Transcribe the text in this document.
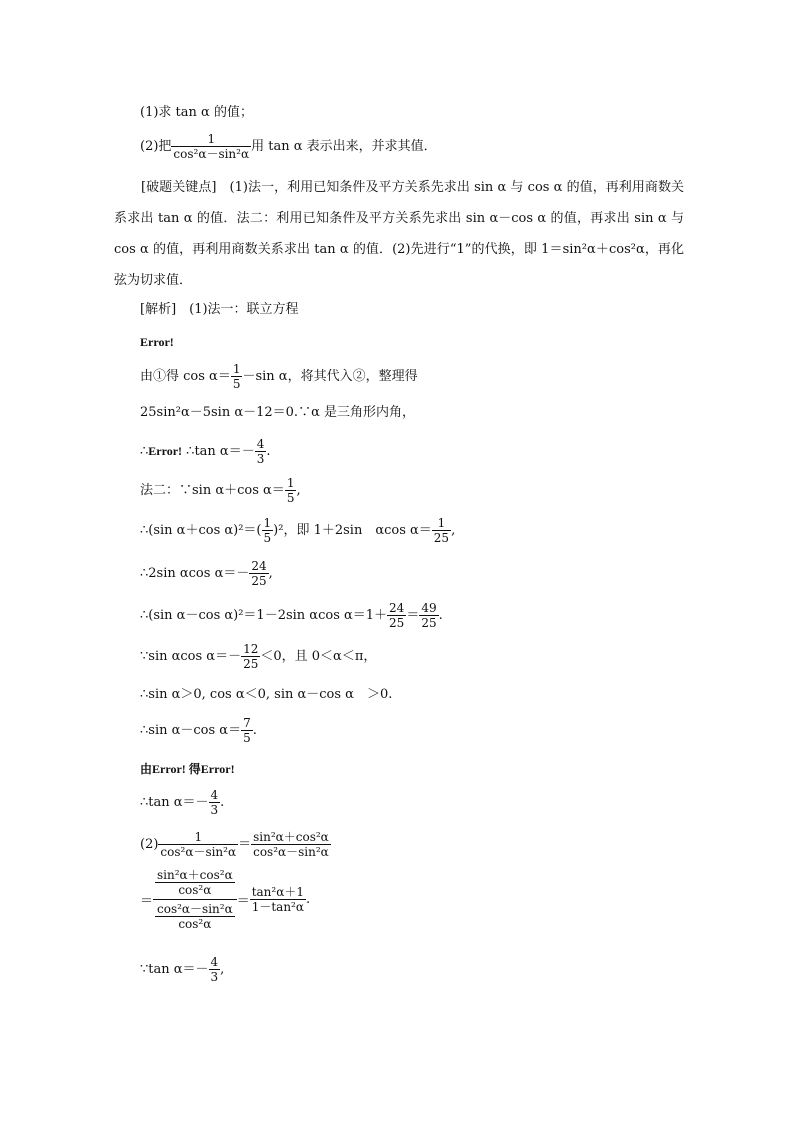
(1)求 tan α 的值；
(2)把 $\frac{1}{\text{cos²α－sin²α}}$ 用 tan α 表示出来，并求其值．
[破题关键点]　(1)法一，利用已知条件及平方关系先求出 sin α 与 cos α 的值，再利用商数关系求出 tan α 的值．法二：利用已知条件及平方关系先求出 sin α－cos α 的值，再求出 sin α 与 cos α 的值，再利用商数关系求出 tan α 的值．(2)先进行“1”的代换，即 1＝sin²α＋cos²α，再化弦为切求值．
[解析]　(1)法一：联立方程
Error!
由①得 $\cos \alpha= \frac{1}{5} -\sin$ α，将其代入②，整理得
25sin²α－5sin α－12＝0.∵α 是三角形内角，
∴Error! ∴tan $\alpha=- \frac{4}{3}$ .
法二：∵sin α＋cos $\alpha= \frac{1}{5}$ ,
∴(sin α＋cos $\alpha)^2=( \frac{1}{5} )^2$，即 1＋2sin　αcos $\alpha= \frac{1}{25}$ ,
∴2sin αcos $\alpha=- \frac{24}{25}$ ,
∴(sin α－cos α)²＝1－2sin αcos $\alpha=1+ \frac{24}{25} = \frac{49}{25}$ .
∵sin αcos $\alpha=- \frac{12}{25} <0$，且 0＜α＜π，
∴sin α＞0, cos α＜0, sin α－cos α　＞0.
∴sin α－cos $\alpha= \frac{7}{5}$ .
由Error! 得Error!
∴tan $\alpha=- \frac{4}{3}$ .
$(2) \frac{1}{\text{cos²α－sin²α}} = \frac{\text{sin²α＋cos²α}}{\text{cos²α－sin²α}}$
＝ $\frac{\frac{\text{sin²α＋cos²α}}{\text{cos²α}}}{\frac{\text{cos²α－sin²α}}{\text{cos²α}}} = \frac{\text{tan²α＋1}}{\text{1－tan²α}}$ .
∵tan $\alpha=- \frac{4}{3}$ ,
